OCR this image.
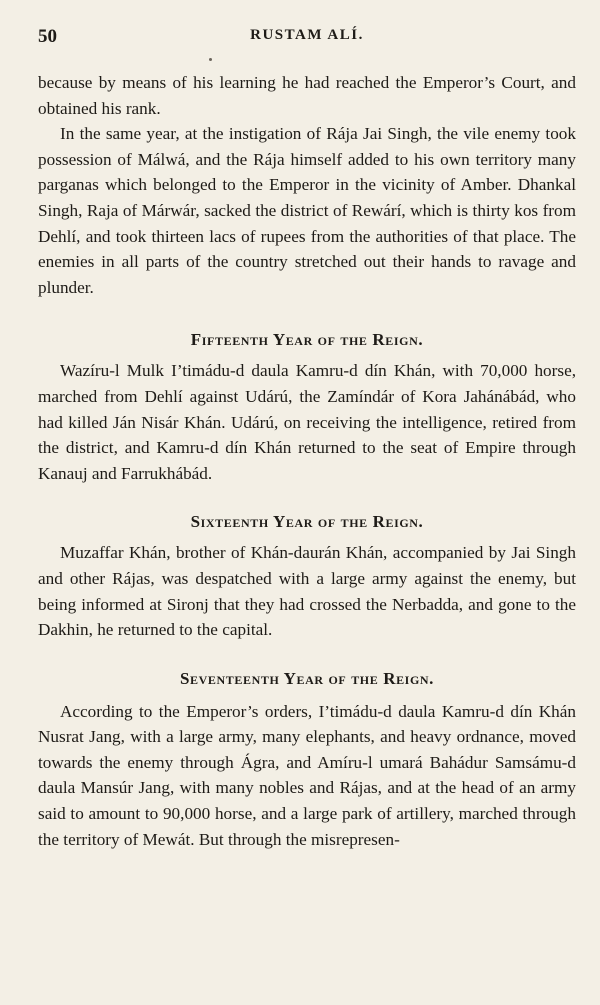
50	RUSTAM ALÍ.

because by means of his learning he had reached the Emperor’s Court, and obtained his rank.

In the same year, at the instigation of Rája Jai Singh, the vile enemy took possession of Málwá, and the Rája himself added to his own territory many parganas which belonged to the Emperor in the vicinity of Amber. Dhankal Singh, Raja of Márwár, sacked the district of Rewárí, which is thirty kos from Dehlí, and took thirteen lacs of rupees from the authorities of that place. The enemies in all parts of the country stretched out their hands to ravage and plunder.

Fifteenth Year of the Reign.

Wazíru-l Mulk I’timádu-d daula Kamru-d dín Khán, with 70,000 horse, marched from Dehlí against Udárú, the Zamíndár of Kora Jahánábád, who had killed Ján Nisár Khán. Udárú, on receiving the intelligence, retired from the district, and Kamru-d dín Khán returned to the seat of Empire through Kanauj and Farrukhábád.

Sixteenth Year of the Reign.

Muzaffar Khán, brother of Khán-daurán Khán, accompanied by Jai Singh and other Rájas, was despatched with a large army against the enemy, but being informed at Sironj that they had crossed the Nerbadda, and gone to the Dakhin, he returned to the capital.

Seventeenth Year of the Reign.

According to the Emperor’s orders, I’timádu-d daula Kamru-d dín Khán Nusrat Jang, with a large army, many elephants, and heavy ordnance, moved towards the enemy through Ágra, and Amíru-l umará Bahádur Samsámu-d daula Mansúr Jang, with many nobles and Rájas, and at the head of an army said to amount to 90,000 horse, and a large park of artillery, marched through the territory of Mewát. But through the misrepresen-
